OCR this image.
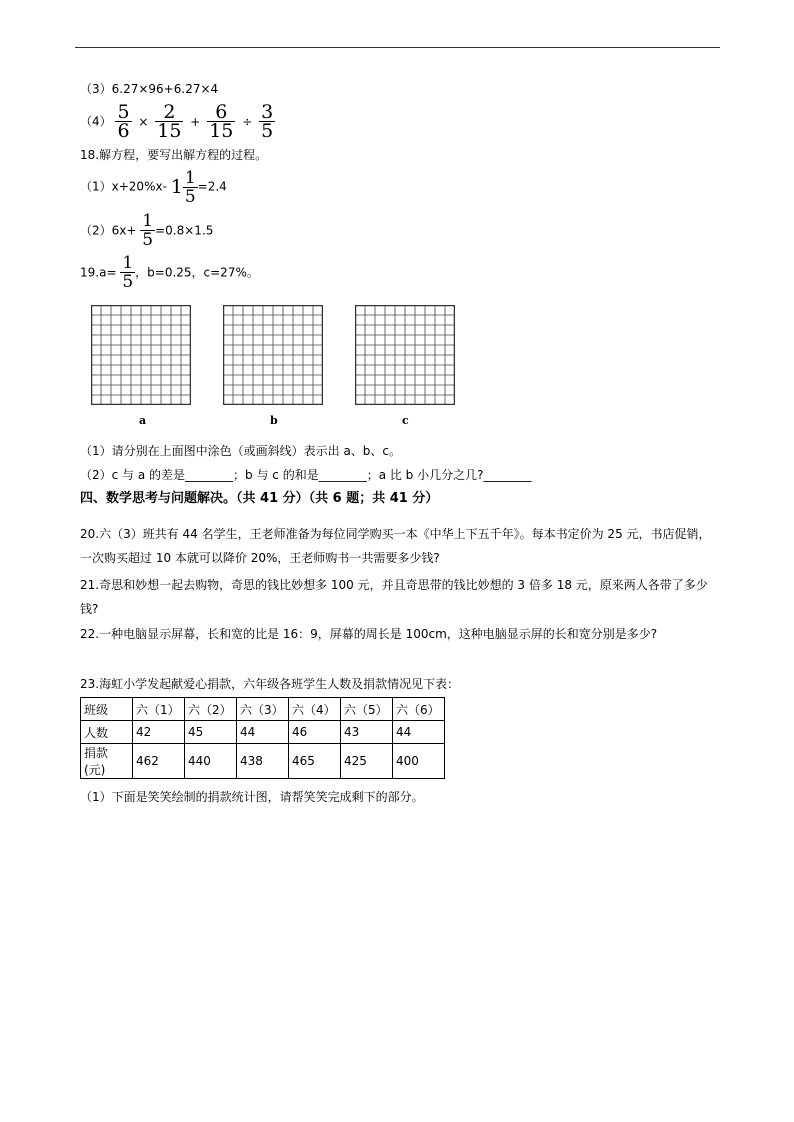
（3）6.27×96+6.27×4
$(4) \frac{5}{6} \times \frac{2}{15} + \frac{6}{15} \div \frac{3}{5}$
18.解方程，要写出解方程的过程。
（1）x+20%x- $1 \frac{1}{5} =2.4$
$(2)6x+ \frac{1}{5} =0.8\times 1.5$
$19.a= \frac{1}{5}$ ，b=0.25，c=27%。
a	b	c
（1）请分别在上面图中涂色（或画斜线）表示出 a、b、c。
（2）c 与 a 的差是________；b 与 c 的和是________；a 比 b 小几分之几?________
四、数学思考与问题解决。（共 41 分）（共 6 题；共 41 分）
20.六（3）班共有 44 名学生，王老师准备为每位同学购买一本《中华上下五千年》。每本书定价为 25 元，书店促销，一次购买超过 10 本就可以降价 20%，王老师购书一共需要多少钱?
21.奇思和妙想一起去购物，奇思的钱比妙想多 100 元，并且奇思带的钱比妙想的 3 倍多 18 元，原来两人各带了多少钱?
22.一种电脑显示屏幕，长和宽的比是 16：9，屏幕的周长是 100cm，这种电脑显示屏的长和宽分别是多少?
23.海虹小学发起献爱心捐款，六年级各班学生人数及捐款情况见下表：
班级	六（1）	六（2）	六（3）	六（4）	六（5）	六（6）
人数	42	45	44	46	43	44
捐款(元)	462	440	438	465	425	400
（1）下面是笑笑绘制的捐款统计图，请帮笑笑完成剩下的部分。
